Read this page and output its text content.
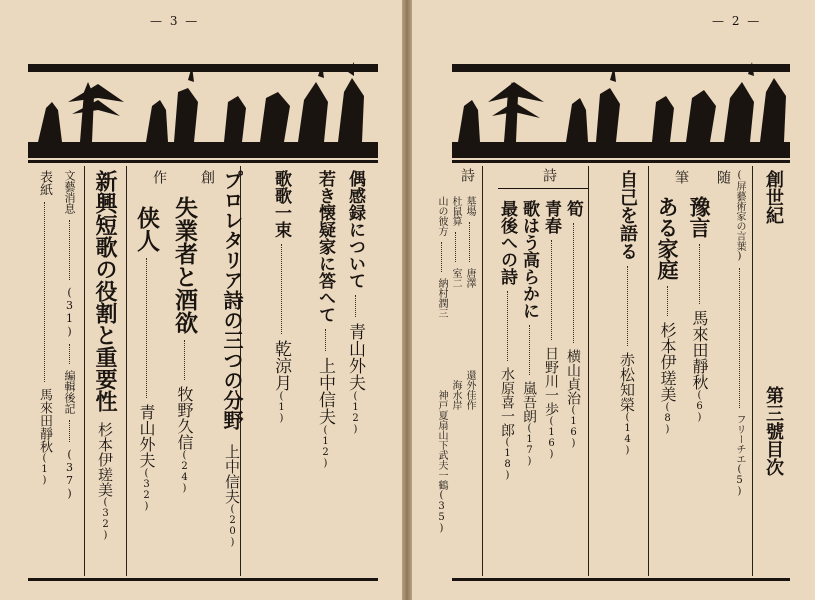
— 3 —
偶感録について青山外夫(12)
若き懐疑家に答へて上中信夫(12)
歌歌一束乾涼月(1)
プロレタリア詩の三つの分野上中信夫(20)
創
失業者と酒欲牧野久信(24)
作
侠人青山外夫(32)
新興短歌の役割と重要性杉本伊瑳美(32)
文藝消息(31)編輯後記(37)
表紙馬來田靜秋(1)
— 2 —
創世紀第三號目次
(屏藝術家の言葉)フリーチエ(5)
随
豫言馬來田靜秋(6)
筆
ある家庭杉本伊瑳美(8)
自己を語る赤松知榮(14)
詩
筍横山貞治(16)
青春日野川一歩(16)
歌はう高らかに嵐吾朗(17)
最後への詩水原喜一郎(18)
詩
墓場唐澤還外佳作
杜鼠算室二海水岸
山の彼方納村潤三神戸夏扇山下武夫一鶴(35)
